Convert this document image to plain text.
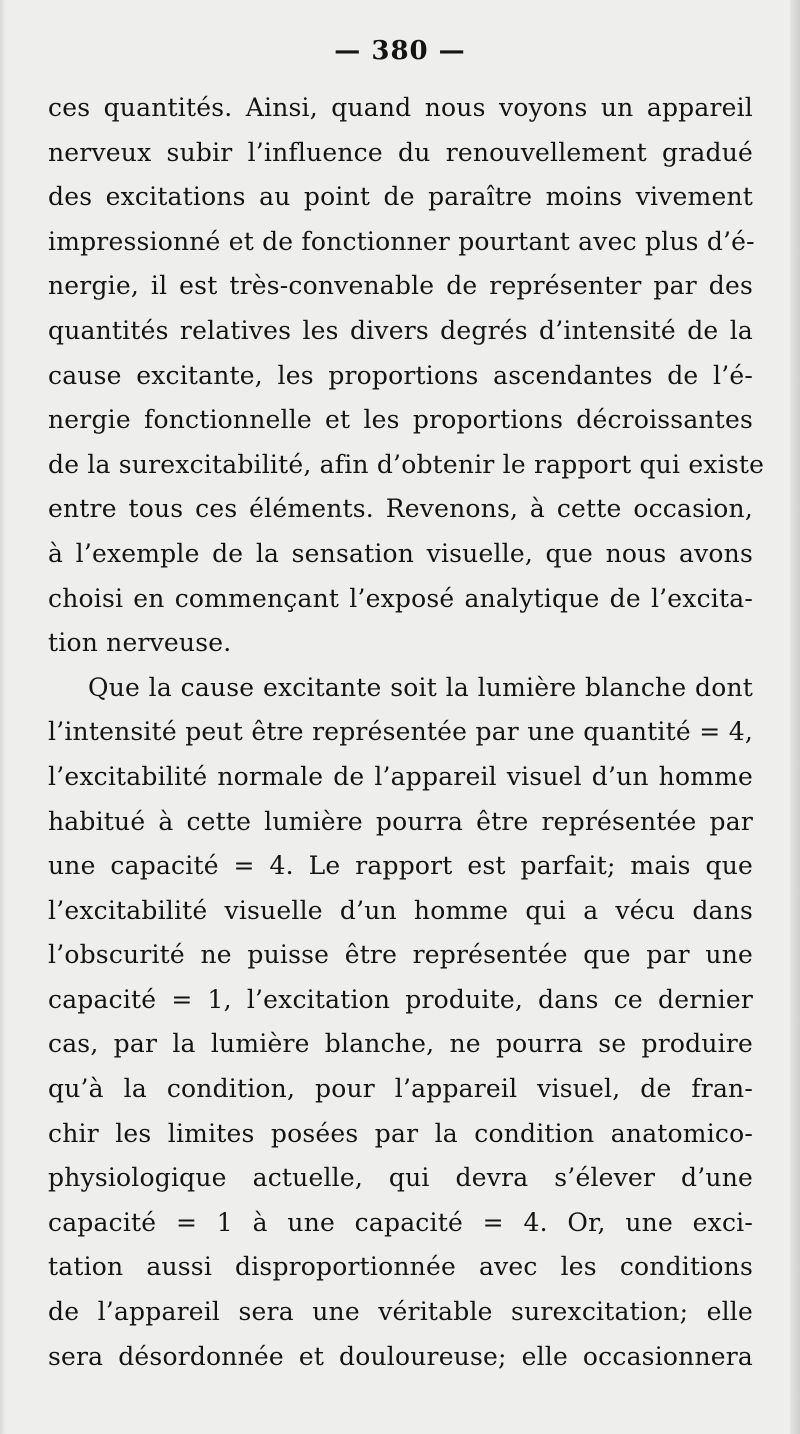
— 380 —
ces quantités. Ainsi, quand nous voyons un appareil
nerveux subir l’influence du renouvellement gradué
des excitations au point de paraître moins vivement
impressionné et de fonctionner pourtant avec plus d’é-
nergie, il est très-convenable de représenter par des
quantités relatives les divers degrés d’intensité de la
cause excitante, les proportions ascendantes de l’é-
nergie fonctionnelle et les proportions décroissantes
de la surexcitabilité, afin d’obtenir le rapport qui existe
entre tous ces éléments. Revenons, à cette occasion,
à l’exemple de la sensation visuelle, que nous avons
choisi en commençant l’exposé analytique de l’excita-
tion nerveuse.
Que la cause excitante soit la lumière blanche dont
l’intensité peut être représentée par une quantité = 4,
l’excitabilité normale de l’appareil visuel d’un homme
habitué à cette lumière pourra être représentée par
une capacité = 4. Le rapport est parfait; mais que
l’excitabilité visuelle d’un homme qui a vécu dans
l’obscurité ne puisse être représentée que par une
capacité = 1, l’excitation produite, dans ce dernier
cas, par la lumière blanche, ne pourra se produire
qu’à la condition, pour l’appareil visuel, de fran-
chir les limites posées par la condition anatomico-
physiologique actuelle, qui devra s’élever d’une
capacité = 1 à une capacité = 4. Or, une exci-
tation aussi disproportionnée avec les conditions
de l’appareil sera une véritable surexcitation; elle
sera désordonnée et douloureuse; elle occasionnera
